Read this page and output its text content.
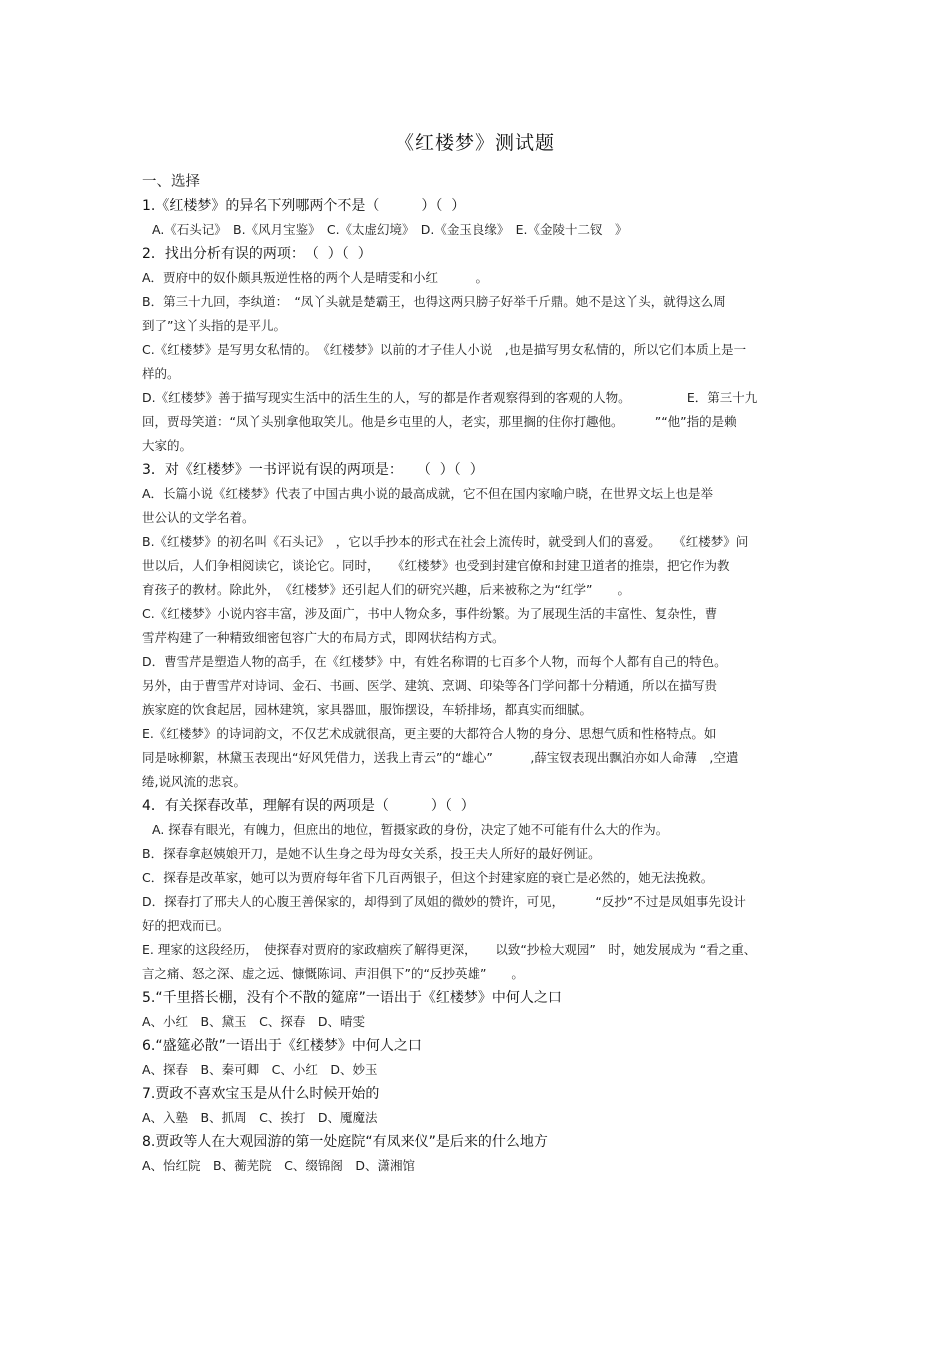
《红楼梦》测试题
一、选择

1.《红楼梦》的异名下列哪两个不是（　　　）（  ）

A.《石头记》　B.《风月宝鉴》　C.《太虚幻境》　D.《金玉良缘》　E.《金陵十二钗　》

2．找出分析有误的两项：　（  ）（  ）

A．贾府中的奴仆颇具叛逆性格的两个人是晴雯和小红　　　。

B．第三十九回，李纨道：　“凤丫头就是楚霸王，也得这两只膀子好举千斤鼎。她不是这丫头，就得这么周

到了”这丫头指的是平儿。

C.《红楼梦》是写男女私情的。　《红楼梦》以前的才子佳人小说　,也是描写男女私情的，所以它们本质上是一

样的。

D.《红楼梦》善于描写现实生活中的活生生的人，写的都是作者观察得到的客观的人物。　　　　　E．第三十九

回，贾母笑道：“凤丫头别拿他取笑儿。他是乡屯里的人，老实，那里搁的住你打趣他。　　　”“他”指的是赖

大家的。

3．对《红楼梦》一书评说有误的两项是：　　（  ）（  ）

A．长篇小说《红楼梦》代表了中国古典小说的最高成就，它不但在国内家喻户晓，在世界文坛上也是举

世公认的文学名着。

B.《红楼梦》的初名叫《石头记》　，它以手抄本的形式在社会上流传时，就受到人们的喜爱。　　《红楼梦》问

世以后，人们争相阅读它，谈论它。同时，　　《红楼梦》也受到封建官僚和封建卫道者的推崇，把它作为教

育孩子的教材。除此外，　《红楼梦》还引起人们的研究兴趣，后来被称之为“红学”　　。

C.《红楼梦》小说内容丰富，涉及面广，书中人物众多，事件纷繁。为了展现生活的丰富性、复杂性，曹

雪芹构建了一种精致细密包容广大的布局方式，即网状结构方式。

D．曹雪芹是塑造人物的高手，在《红楼梦》中，有姓名称谓的七百多个人物，而每个人都有自己的特色。

另外，由于曹雪芹对诗词、金石、书画、医学、建筑、烹调、印染等各门学问都十分精通，所以在描写贵

族家庭的饮食起居，园林建筑，家具器皿，服饰摆设，车轿排场，都真实而细腻。

E.《红楼梦》的诗词韵文，不仅艺术成就很高，更主要的大都符合人物的身分、思想气质和性格特点。如

同是咏柳絮，林黛玉表现出“好风凭借力，送我上青云”的“雄心”　　　,薛宝钗表现出飘泊亦如人命薄　,空遣

绻,说风流的悲哀。

4．有关探春改革，理解有误的两项是（　　　）（  ）

A. 探春有眼光，有魄力，但庶出的地位，暂摄家政的身份，决定了她不可能有什么大的作为。

B．探春拿赵姨娘开刀，是她不认生身之母为母女关系，投王夫人所好的最好例证。

C．探春是改革家，她可以为贾府每年省下几百两银子，但这个封建家庭的衰亡是必然的，她无法挽救。

D．探春打了邢夫人的心腹王善保家的，却得到了凤姐的微妙的赞许，可见，　　　“反抄”不过是凤姐事先设计

好的把戏而已。

E. 理家的这段经历，　使探春对贾府的家政痼疾了解得更深，　　以致“抄检大观园”　时，她发展成为 “看之重、

言之痛、怒之深、虚之远、慷慨陈词、声泪俱下”的“反抄英雄”　　。

5.“千里搭长棚，没有个不散的筵席”一语出于《红楼梦》中何人之口

A、小红　B、黛玉　C、探春　D、晴雯

6.“盛筵必散”一语出于《红楼梦》中何人之口

A、探春　B、秦可卿　C、小红　D、妙玉

7.贾政不喜欢宝玉是从什么时候开始的

A、入塾　B、抓周　C、挨打　D、魇魔法

8.贾政等人在大观园游的第一处庭院“有凤来仪”是后来的什么地方

A、怡红院　B、蘅芜院　C、缀锦阁　D、潇湘馆
